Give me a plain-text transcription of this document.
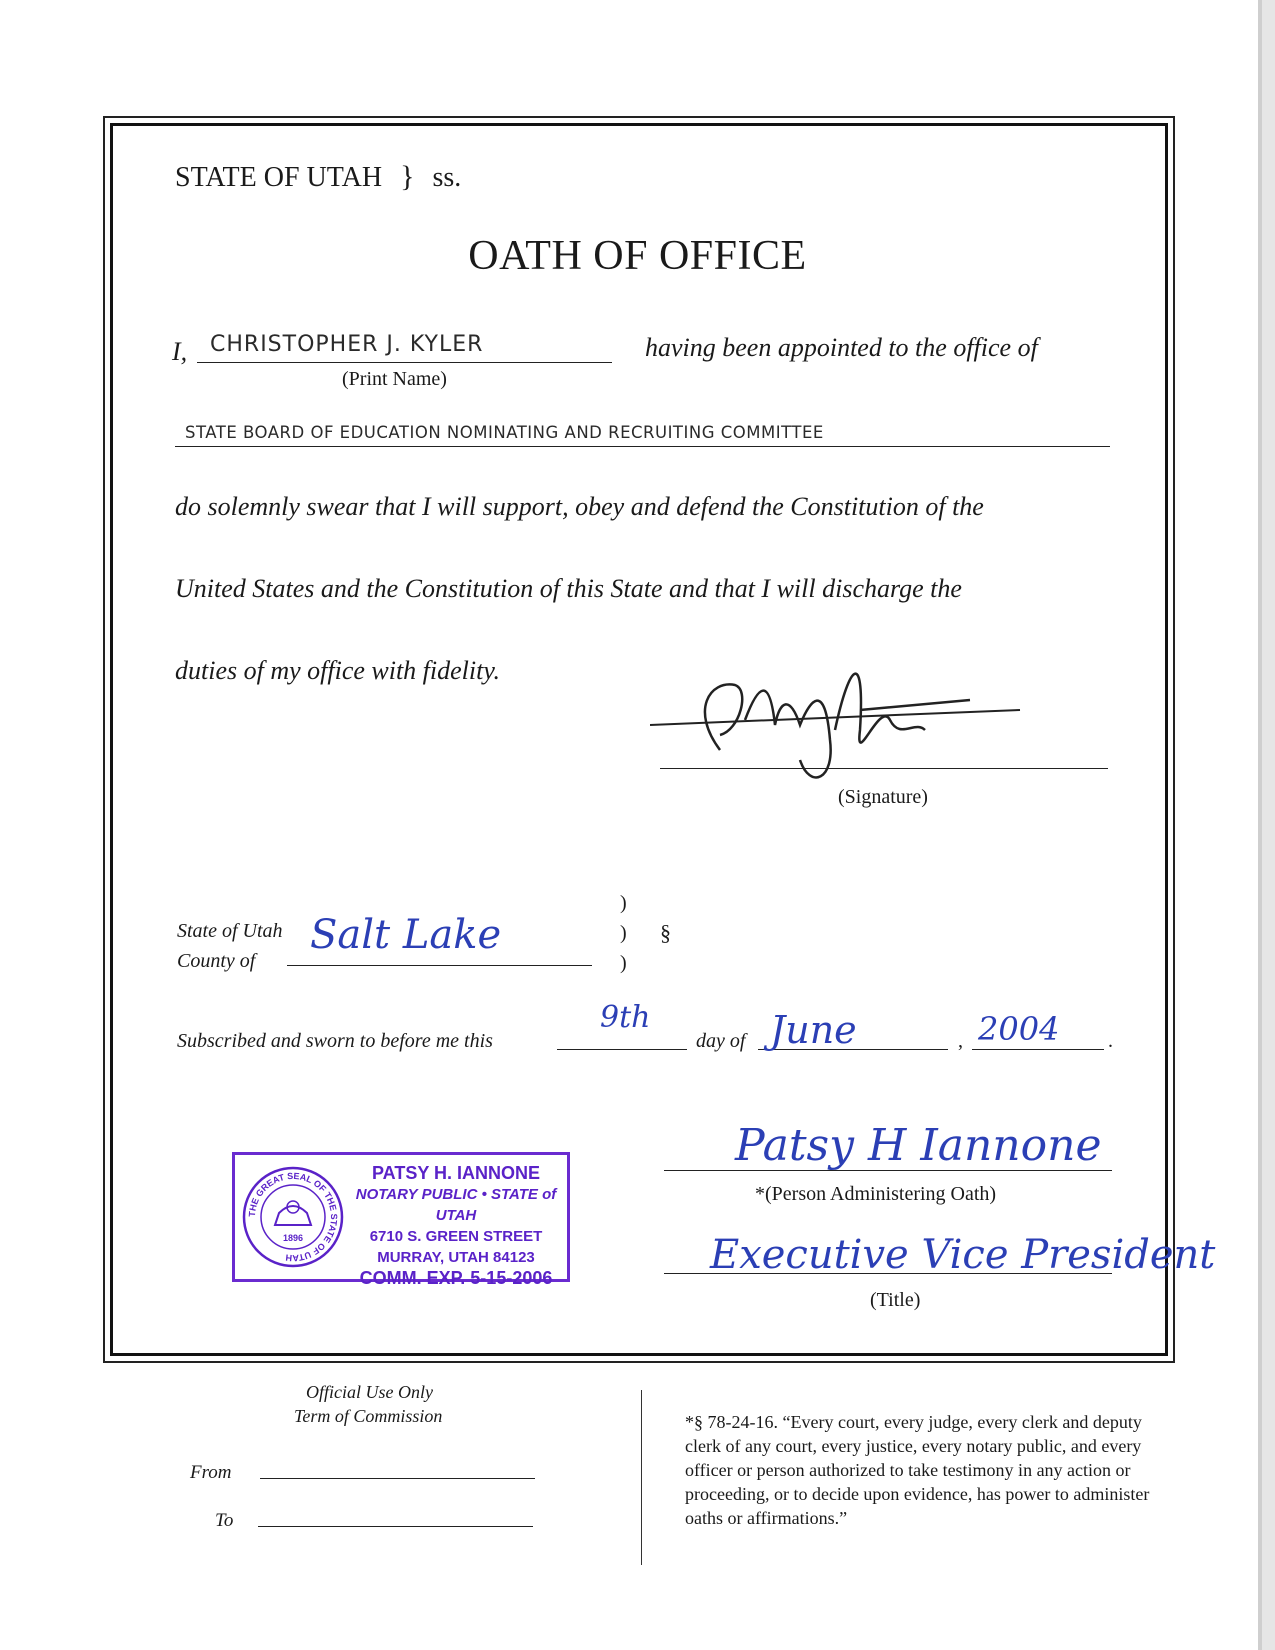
STATE OF UTAH } ss.
OATH OF OFFICE
I, CHRISTOPHER J. KYLER
(Print Name)
having been appointed to the office of
STATE BOARD OF EDUCATION NOMINATING AND RECRUITING COMMITTEE
do solemnly swear that I will support, obey and defend the Constitution of the
United States and the Constitution of this State and that I will discharge the
duties of my office with fidelity.
(Signature)
State of Utah
County of
Salt Lake
)
)
)
§
Subscribed and sworn to before me this
9th
day of June	, 2004 .
Patsy H Iannone
*(Person Administering Oath)
Executive Vice President
(Title)
THE GREAT SEAL OF THE STATE OF UTAH
1896
PATSY H. IANNONE
NOTARY PUBLIC • STATE of UTAH
6710 S. GREEN STREET
MURRAY, UTAH 84123
COMM. EXP. 5-15-2006
Official Use Only
Term of Commission
From
To
*§ 78-24-16. “Every court, every judge, every clerk and deputy clerk of any court, every justice, every notary public, and every officer or person authorized to take testimony in any action or proceeding, or to decide upon evidence, has power to administer oaths or affirmations.”
